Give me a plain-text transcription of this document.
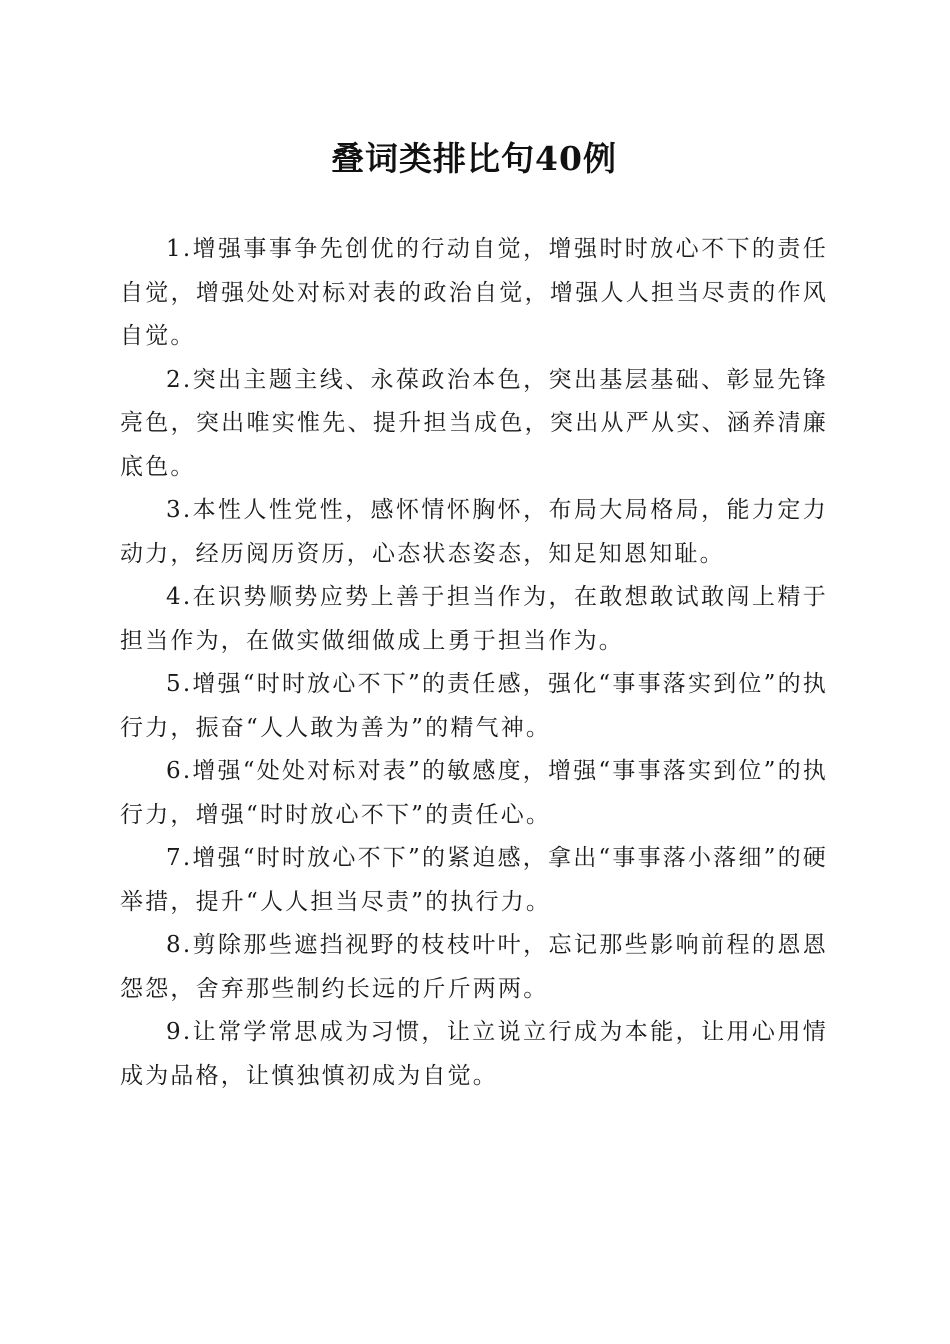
叠词类排比句40例

1.增强事事争先创优的行动自觉，增强时时放心不下的责任自觉，增强处处对标对表的政治自觉，增强人人担当尽责的作风自觉。

2.突出主题主线、永葆政治本色，突出基层基础、彰显先锋亮色，突出唯实惟先、提升担当成色，突出从严从实、涵养清廉底色。

3.本性人性党性，感怀情怀胸怀，布局大局格局，能力定力动力，经历阅历资历，心态状态姿态，知足知恩知耻。

4.在识势顺势应势上善于担当作为，在敢想敢试敢闯上精于担当作为，在做实做细做成上勇于担当作为。

5.增强“时时放心不下”的责任感，强化“事事落实到位”的执行力，振奋“人人敢为善为”的精气神。

6.增强“处处对标对表”的敏感度，增强“事事落实到位”的执行力，增强“时时放心不下”的责任心。

7.增强“时时放心不下”的紧迫感，拿出“事事落小落细”的硬举措，提升“人人担当尽责”的执行力。

8.剪除那些遮挡视野的枝枝叶叶，忘记那些影响前程的恩恩怨怨，舍弃那些制约长远的斤斤两两。

9.让常学常思成为习惯，让立说立行成为本能，让用心用情成为品格，让慎独慎初成为自觉。
